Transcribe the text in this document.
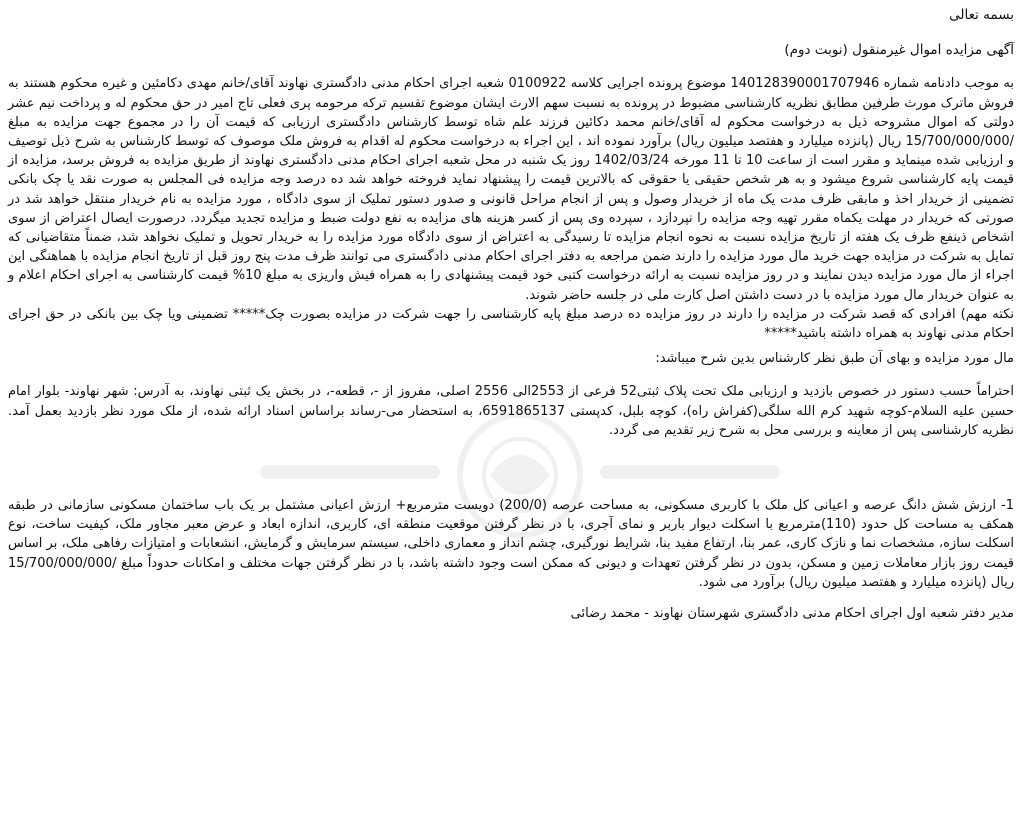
بسمه تعالی

آگهی مزایده اموال غیرمنقول (نوبت دوم)

به موجب دادنامه شماره 140128390001707946 موضوع پرونده اجرایی کلاسه 0100922 شعبه اجرای احکام مدنی دادگستری نهاوند آقای/خانم مهدی دکامئین و غیره محکوم هستند به فروش ماترک مورث طرفین مطابق نظریه کارشناسی مضبوط در پرونده به نسبت سهم الارث ایشان موضوع تقسیم ترکه مرحومه پری فعلی تاج امیر در حق محکوم له و پرداخت نیم عشر دولتی که اموال مشروحه ذیل به درخواست محکوم له آقای/خانم محمد دکائین فرزند علم شاه توسط کارشناس دادگستری ارزیابی که قیمت آن را در مجموع جهت مزایده به مبلغ /15/700/000/000 ریال (پانزده میلیارد و هفتصد میلیون ریال) برآورد نموده اند ، این اجراء به درخواست محکوم له اقدام به فروش ملک موصوف که توسط کارشناس به شرح ذیل توصیف و ارزیابی شده مینماید و مقرر است از ساعت 10 تا 11 مورخه 1402/03/24 روز یک شنبه در محل شعبه اجرای احکام مدنی دادگستری نهاوند از طریق مزایده به فروش برسد، مزایده از قیمت پایه کارشناسی شروع میشود و به هر شخص حقیقی یا حقوقی که بالاترین قیمت را پیشنهاد نماید فروخته خواهد شد ده درصد وجه مزایده فی المجلس به صورت نقد یا چک بانکی تضمینی از خریدار اخذ و مابقی ظرف مدت یک ماه از خریدار وصول و پس از انجام مراحل قانونی و صدور دستور تملیک از سوی دادگاه ، مورد مزایده به نام خریدار منتقل خواهد شد در صورتی که خریدار در مهلت یکماه مقرر تهیه وجه مزایده را نپردازد ، سپرده وی پس از کسر هزینه های مزایده به نفع دولت ضبط و مزایده تجدید میگردد. درصورت ایصال اعتراض از سوی اشخاص ذینفع ظرف یک هفته از تاریخ مزایده نسبت به نحوه انجام مزایده تا رسیدگی به اعتراض از سوی دادگاه مورد مزایده را به خریدار تحویل و تملیک نخواهد شد، ضمناً متقاضیانی که تمایل به شرکت در مزایده جهت خرید مال مورد مزایده را دارند ضمن مراجعه به دفتر اجرای احکام مدنی دادگستری می توانند ظرف مدت پنج روز قبل از تاریخ انجام مزایده با هماهنگی این اجراء از مال مورد مزایده دیدن نمایند و در روز مزایده نسبت به ارائه درخواست کتبی خود قیمت پیشنهادی را به همراه فیش واریزی به مبلغ 10% قیمت کارشناسی به اجرای احکام اعلام و به عنوان خریدار مال مورد مزایده با در دست داشتن اصل کارت ملی در جلسه حاضر شوند.

نکته مهم) افرادی که قصد شرکت در مزایده را دارند در روز مزایده ده درصد مبلغ پایه کارشناسی را جهت شرکت در مزایده بصورت چک***** تضمینی ویا چک بین بانکی در حق اجرای احکام مدنی نهاوند به همراه داشته باشید*****

مال مورد مزایده و بهای آن طبق نظر کارشناس بدین شرح میباشد:

احتراماً حسب دستور در خصوص بازدید و ارزیابی ملک تحت پلاک ثبتی52 فرعی از 2553الی 2556 اصلی، مفروز از -، قطعه-، در بخش یک ثبتی نهاوند، به آدرس: شهر نهاوند- بلوار امام حسین علیه السلام-کوچه شهید کرم الله سلگی(کفراش راه)، کوچه بلبل، کدپستی 6591865137، به استحضار می-رساند براساس اسناد ارائه شده، از ملک مورد نظر بازدید بعمل آمد. نظریه کارشناسی پس از معاینه و بررسی محل به شرح زیر تقدیم می گردد.

1- ارزش شش دانگ عرصه و اعیانی کل ملک با کاربری مسکونی، به مساحت عرصه (200/0) دویست مترمربع+ ارزش اعیانی مشتمل بر یک باب ساختمان مسکونی سازمانی در طبقه همکف به مساحت کل حدود (110)مترمربع با اسکلت دیوار باربر و نمای آجری، با در نظر گرفتن موقعیت منطقه ای، کاربری، اندازه ابعاد و عرض معبر مجاور ملک، کیفیت ساخت، نوع اسکلت سازه، مشخصات نما و نازک کاری، عمر بنا، ارتفاع مفید بنا، شرایط نورگیری، چشم انداز و معماری داخلی، سیستم سرمایش و گرمایش، انشعابات و امتیازات رفاهی ملک، بر اساس قیمت روز بازار معاملات زمین و مسکن، بدون در نظر گرفتن تعهدات و دیونی که ممکن است وجود داشته باشد، با در نظر گرفتن جهات مختلف و امکانات حدوداً مبلغ /15/700/000/000 ریال (پانزده میلیارد و هفتصد میلیون ریال) برآورد می شود.

مدیر دفتر شعبه اول اجرای احکام مدنی دادگستری شهرستان نهاوند - محمد رضائی
